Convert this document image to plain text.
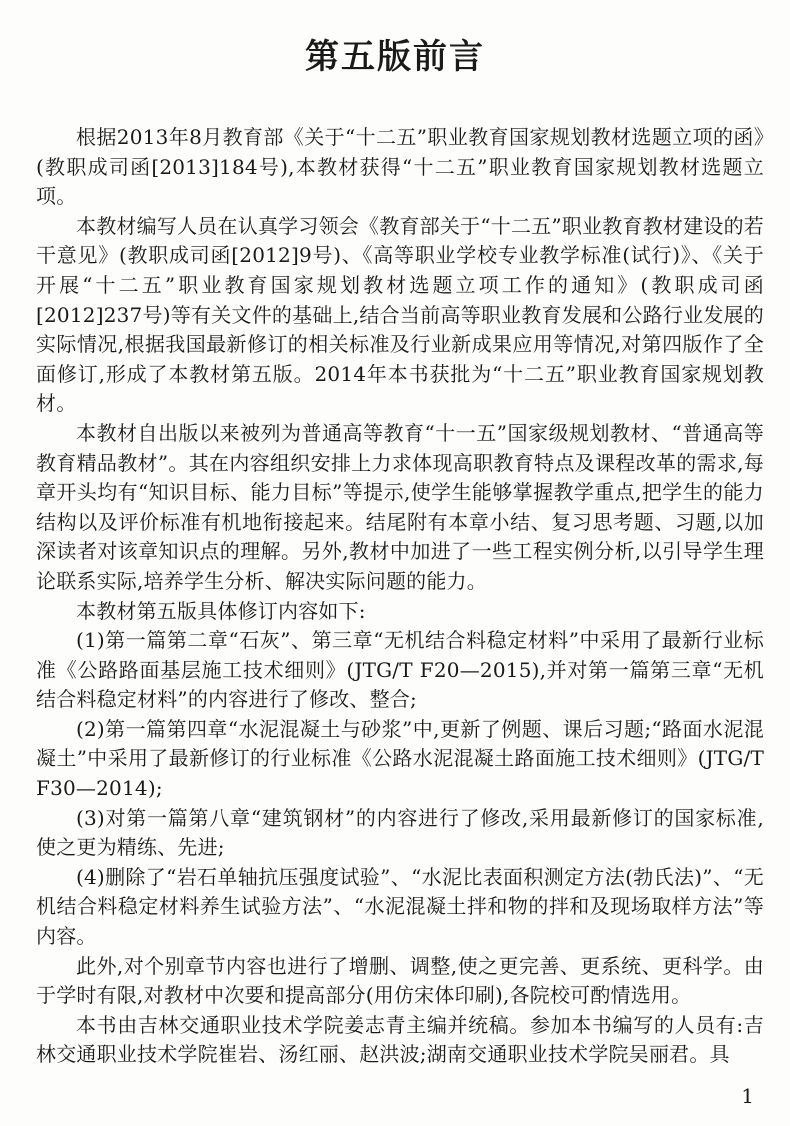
第五版前言

根据2013年8月教育部《关于“十二五”职业教育国家规划教材选题立项的函》(教职成司函[2013]184号),本教材获得“十二五”职业教育国家规划教材选题立项。

本教材编写人员在认真学习领会《教育部关于“十二五”职业教育教材建设的若干意见》(教职成司函[2012]9号)、《高等职业学校专业教学标准(试行)》、《关于开展“十二五”职业教育国家规划教材选题立项工作的通知》(教职成司函[2012]237号)等有关文件的基础上,结合当前高等职业教育发展和公路行业发展的实际情况,根据我国最新修订的相关标准及行业新成果应用等情况,对第四版作了全面修订,形成了本教材第五版。2014年本书获批为“十二五”职业教育国家规划教材。

本教材自出版以来被列为普通高等教育“十一五”国家级规划教材、“普通高等教育精品教材”。其在内容组织安排上力求体现高职教育特点及课程改革的需求,每章开头均有“知识目标、能力目标”等提示,使学生能够掌握教学重点,把学生的能力结构以及评价标准有机地衔接起来。结尾附有本章小结、复习思考题、习题,以加深读者对该章知识点的理解。另外,教材中加进了一些工程实例分析,以引导学生理论联系实际,培养学生分析、解决实际问题的能力。

本教材第五版具体修订内容如下:

(1)第一篇第二章“石灰”、第三章“无机结合料稳定材料”中采用了最新行业标准《公路路面基层施工技术细则》(JTG/T F20—2015),并对第一篇第三章“无机结合料稳定材料”的内容进行了修改、整合;

(2)第一篇第四章“水泥混凝土与砂浆”中,更新了例题、课后习题;“路面水泥混凝土”中采用了最新修订的行业标准《公路水泥混凝土路面施工技术细则》(JTG/T F30—2014);

(3)对第一篇第八章“建筑钢材”的内容进行了修改,采用最新修订的国家标准,使之更为精练、先进;

(4)删除了“岩石单轴抗压强度试验”、“水泥比表面积测定方法(勃氏法)”、“无机结合料稳定材料养生试验方法”、“水泥混凝土拌和物的拌和及现场取样方法”等内容。

此外,对个别章节内容也进行了增删、调整,使之更完善、更系统、更科学。由于学时有限,对教材中次要和提高部分(用仿宋体印刷),各院校可酌情选用。

本书由吉林交通职业技术学院姜志青主编并统稿。参加本书编写的人员有:吉林交通职业技术学院崔岩、汤红丽、赵洪波;湖南交通职业技术学院吴丽君。具

1
